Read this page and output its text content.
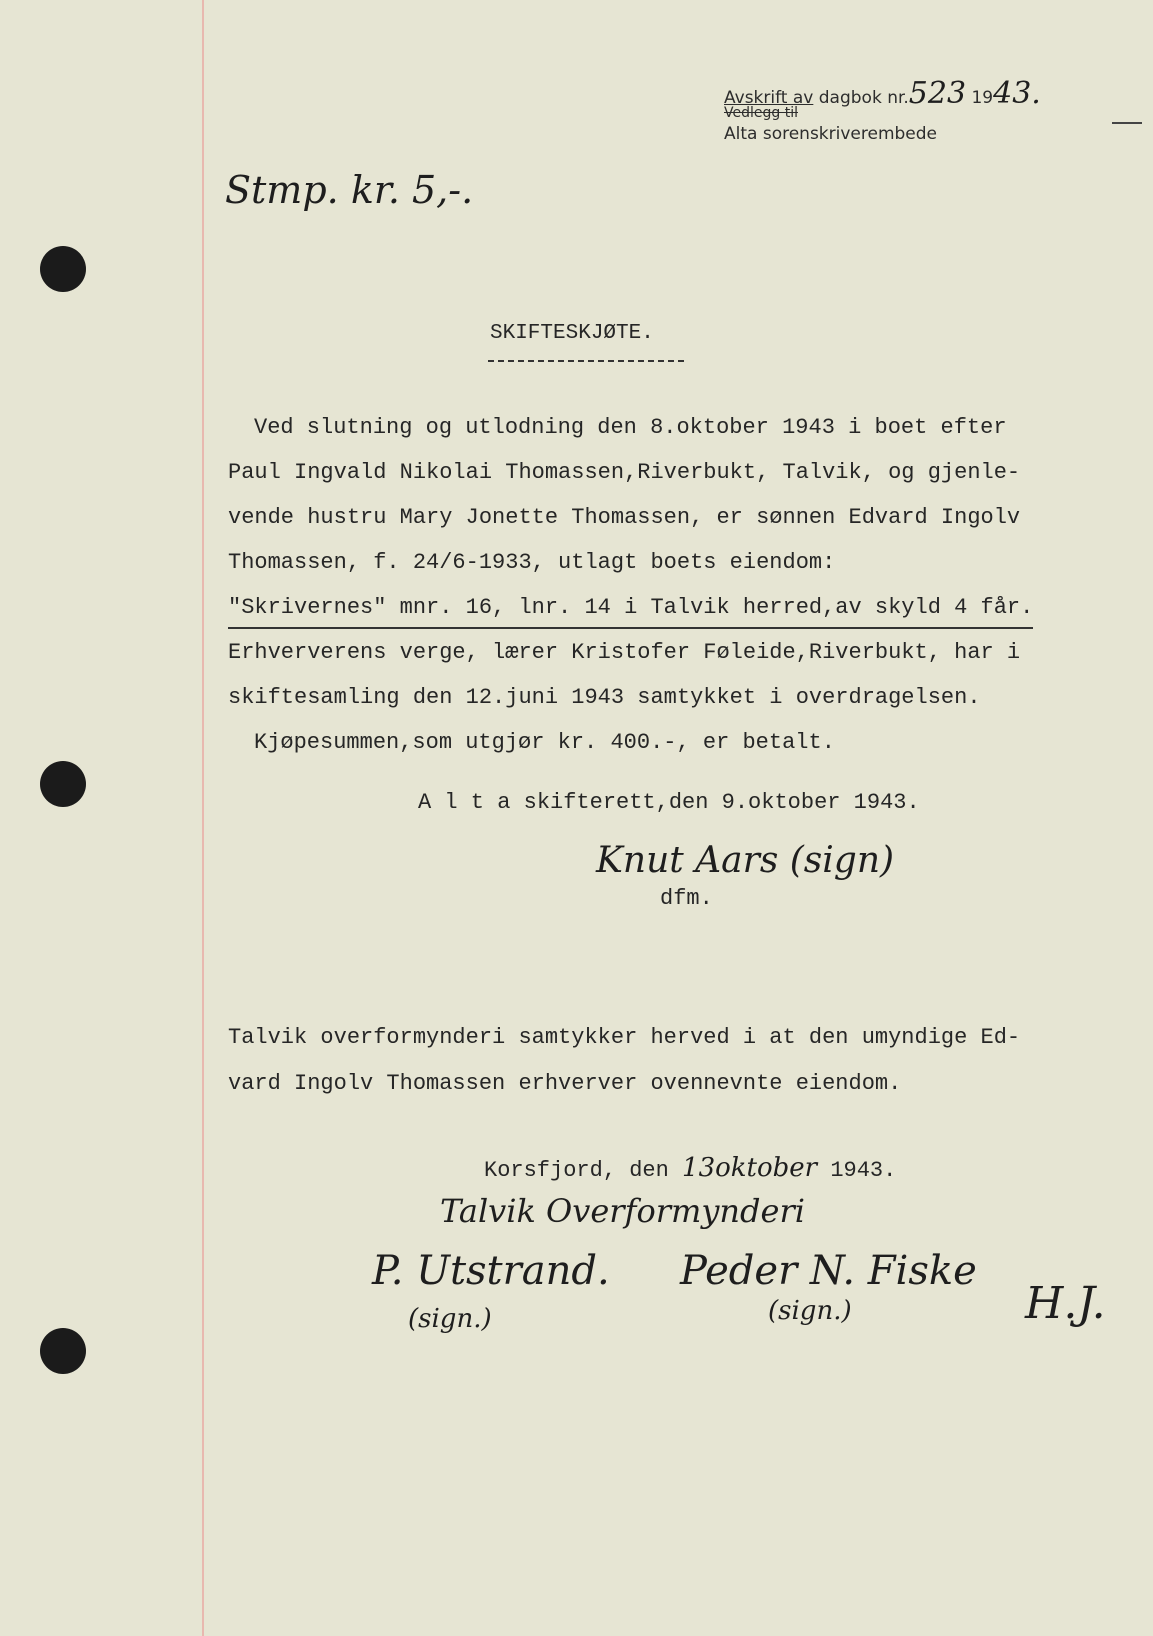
Avskrift av dagbok nr.523 1943.
Vedlegg til
Alta sorenskriverembede
Stmp. kr. 5,-.
SKIFTESKJØTE.
Ved slutning og utlodning den 8.oktober 1943 i boet efter
Paul Ingvald Nikolai Thomassen,Riverbukt, Talvik, og gjenle-
vende hustru Mary Jonette Thomassen, er sønnen Edvard Ingolv
Thomassen, f. 24/6-1933, utlagt boets eiendom:
"Skrivernes" mnr. 16, lnr. 14 i Talvik herred,av skyld 4 får.
Erhververens verge, lærer Kristofer Føleide,Riverbukt, har i
skiftesamling den 12.juni 1943 samtykket i overdragelsen.
Kjøpesummen,som utgjør kr. 400.-, er betalt.
A l t a skifterett,den 9.oktober 1943.
Knut Aars (sign)
dfm.
Talvik overformynderi samtykker herved i at den umyndige Ed-
vard Ingolv Thomassen erhverver ovennevnte eiendom.
Korsfjord, den 13oktober 1943.
Talvik Overformynderi
P. Utstrand. Peder N. Fiske
(sign.)	(sign.)	H.J.
